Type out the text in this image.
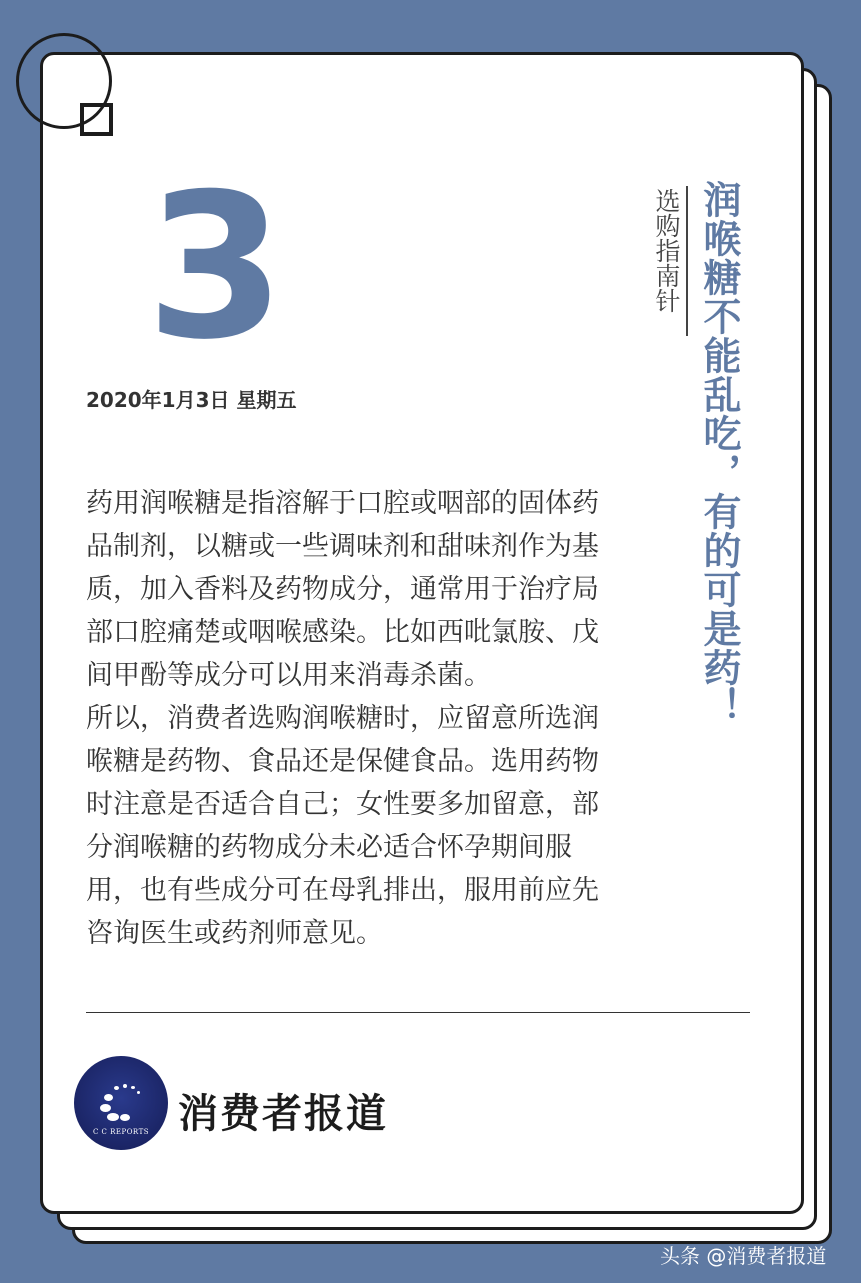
3
2020年1月3日 星期五
选购指南针 润喉糖不能乱吃，有的可是药！

药用润喉糖是指溶解于口腔或咽部的固体药品制剂，以糖或一些调味剂和甜味剂作为基质，加入香料及药物成分，通常用于治疗局部口腔痛楚或咽喉感染。比如西吡氯胺、戊间甲酚等成分可以用来消毒杀菌。

所以，消费者选购润喉糖时，应留意所选润喉糖是药物、食品还是保健食品。选用药物时注意是否适合自己；女性要多加留意，部分润喉糖的药物成分未必适合怀孕期间服用，也有些成分可在母乳排出，服用前应先咨询医生或药剂师意见。

C C REPORTS 消费者报道
头条 @消费者报道
